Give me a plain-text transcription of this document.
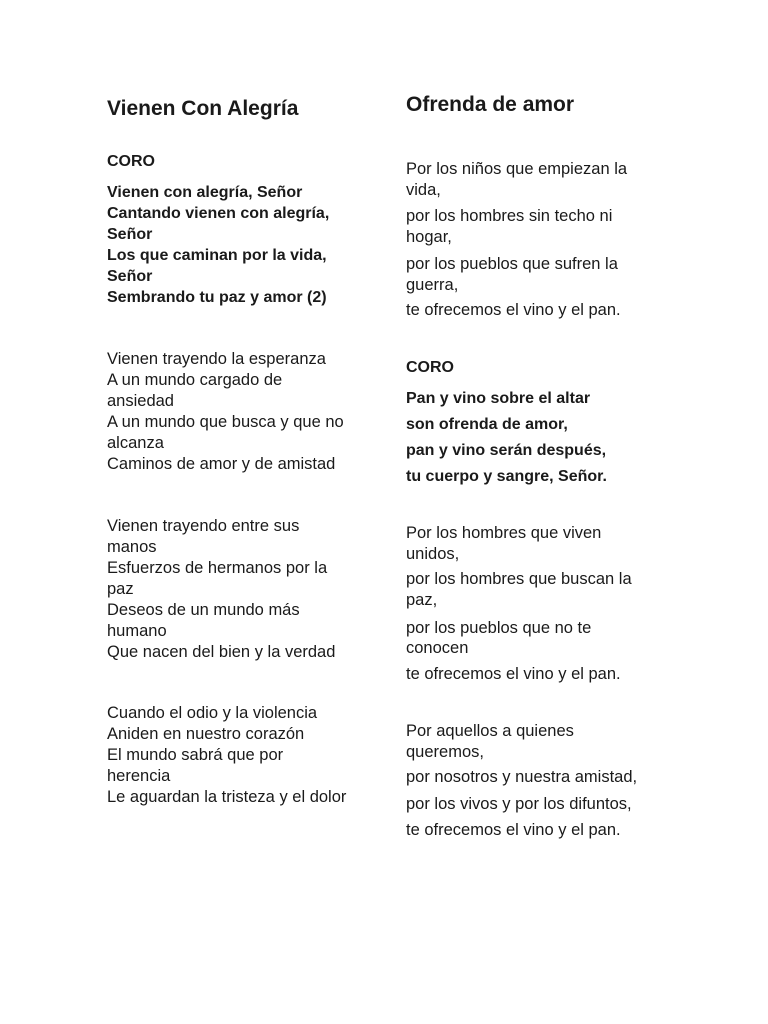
Vienen Con Alegría
CORO

Vienen con alegría, Señor

Cantando vienen con alegría,

Señor

Los que caminan por la vida,

Señor

Sembrando tu paz y amor (2)

Vienen trayendo la esperanza

A un mundo cargado de

ansiedad

A un mundo que busca y que no

alcanza

Caminos de amor y de amistad

Vienen trayendo entre sus

manos

Esfuerzos de hermanos por la

paz

Deseos de un mundo más

humano

Que nacen del bien y la verdad

Cuando el odio y la violencia

Aniden en nuestro corazón

El mundo sabrá que por

herencia

Le aguardan la tristeza y el dolor

Ofrenda de amor

Por los niños que empiezan la

vida,

por los hombres sin techo ni

hogar,

por los pueblos que sufren la

guerra,

te ofrecemos el vino y el pan.

CORO

Pan y vino sobre el altar

son ofrenda de amor,

pan y vino serán después,

tu cuerpo y sangre, Señor.

Por los hombres que viven

unidos,

por los hombres que buscan la

paz,

por los pueblos que no te

conocen

te ofrecemos el vino y el pan.

Por aquellos a quienes

queremos,

por nosotros y nuestra amistad,

por los vivos y por los difuntos,

te ofrecemos el vino y el pan.
